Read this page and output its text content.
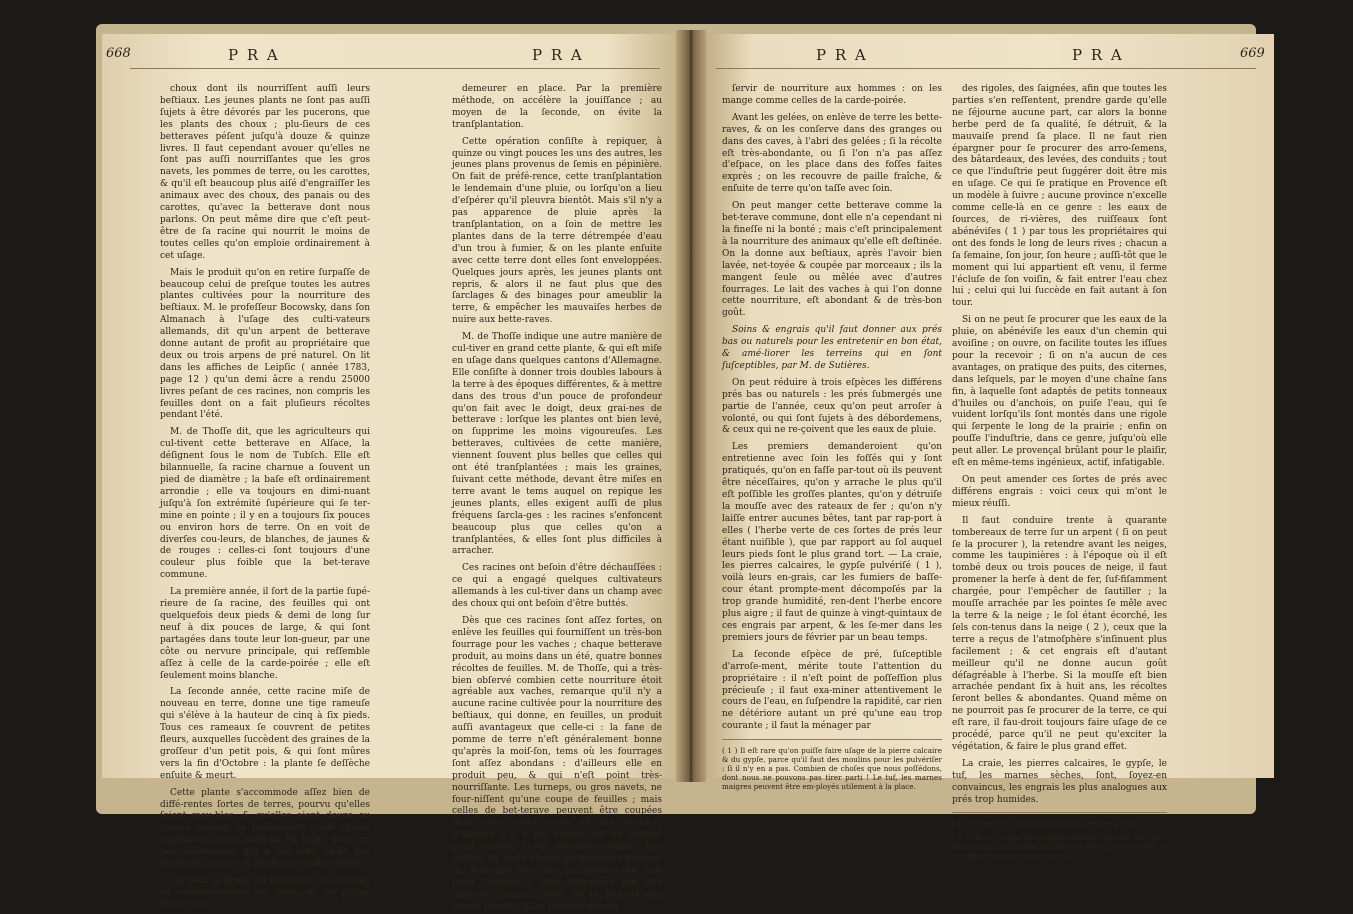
668	P R A	P R A

choux dont ils nourriſſent auſſi leurs beſtiaux. Les jeunes plants ne ſont pas auſſi ſujets à être dévorés par les pucerons, que les plants des choux ; plu-ſieurs de ces betteraves péſent juſqu'à douze & quinze livres. Il faut cependant avouer qu'elles ne ſont pas auſſi nourriſſantes que les gros navets, les pommes de terre, ou les carottes, & qu'il eſt beaucoup plus aiſé d'engraiſſer les animaux avec des choux, des panais ou des carottes, qu'avec la betterave dont nous parlons. On peut même dire que c'eſt peut-être de ſa racine qui nourrit le moins de toutes celles qu'on emploie ordinairement à cet uſage.

Mais le produit qu'on en retire ſurpaſſe de beaucoup celui de preſque toutes les autres plantes cultivées pour la nourriture des beſtiaux. M. le profeſſeur Bocowsky, dans ſon Almanach à l'uſage des culti-vateurs allemands, dit qu'un arpent de betterave donne autant de profit au propriétaire que deux ou trois arpens de pré naturel. On lit dans les affiches de Leipſic ( année 1783, page 12 ) qu'un demi âcre a rendu 25000 livres peſant de ces racines, non compris les feuilles dont on a fait pluſieurs récoltes pendant l'été.

M. de Thoſſe dit, que les agriculteurs qui cul-tivent cette betterave en Alſace, la déſignent ſous le nom de Tubſch. Elle eſt bilannuelle, ſa racine charnue a ſouvent un pied de diamètre ; la baſe eſt ordinairement arrondie ; elle va toujours en dimi-nuant juſqu'à ſon extrémité ſupérieure qui ſe ter-mine en pointe ; il y en a toujours ſix pouces ou environ hors de terre. On en voit de diverſes cou-leurs, de blanches, de jaunes & de rouges : celles-ci ſont toujours d'une couleur plus foible que la bet-terave commune.

La première année, il ſort de la partie ſupé-rieure de ſa racine, des feuilles qui ont quelquefois deux pieds & demi de long ſur neuf à dix pouces de large, & qui ſont partagées dans toute leur lon-gueur, par une côte ou nervure principale, qui reſſemble aſſez à celle de la carde-poirée ; elle eſt ſeulement moins blanche.

La ſeconde année, cette racine miſe de nouveau en terre, donne une tige rameuſe qui s'élève à la hauteur de cinq à ſix pieds. Tous ces rameaux ſe couvrent de petites fleurs, auxquelles ſuccèdent des graines de la groſſeur d'un petit pois, & qui ſont mûres vers la fin d'Octobre : la plante ſe deſſèche enſuite & meurt.

Cette plante s'accommode aſſez bien de diffé-rentes ſortes de terres, pourvu qu'elles ſoient meu-bles, & qu'elles aient douze ou quinze pouces de profondeur ; elle réuſſit cependant mieux dans un ſol léger, gras, un peu ſablonneux, qui a été bien diviſé par pluſieurs labours, & fumé convenable-ment.

On peut la ſemer en pépinière ſur couche, au commencement de mars, ou en pleine terre, pour

demeurer en place. Par la première méthode, on accélère la jouiſſance ; au moyen de la ſeconde, on évite la tranſplantation.

Cette opération conſiſte à repiquer, à quinze ou vingt pouces les uns des autres, les jeunes plans provenus de ſemis en pépinière. On fait de préfé-rence, cette tranſplantation le lendemain d'une pluie, ou lorſqu'on a lieu d'eſpérer qu'il pleuvra bientôt. Mais s'il n'y a pas apparence de pluie après la tranſplantation, on a ſoin de mettre les plantes dans de la terre détrempée d'eau d'un trou à fumier, & on les plante enſuite avec cette terre dont elles ſont enveloppées. Quelques jours après, les jeunes plants ont repris, & alors il ne faut plus que des ſarclages & des binages pour ameublir la terre, & empêcher les mauvaiſes herbes de nuire aux bette-raves.

M. de Thoſſe indique une autre manière de cul-tiver en grand cette plante, & qui eſt miſe en uſage dans quelques cantons d'Allemagne. Elle conſiſte à donner trois doubles labours à la terre à des époques différentes, & à mettre dans des trous d'un pouce de profondeur qu'on fait avec le doigt, deux grai-nes de betterave : lorſque les plantes ont bien levé, on ſupprime les moins vigoureuſes. Les betteraves, cultivées de cette manière, viennent ſouvent plus belles que celles qui ont été tranſplantées ; mais les graines, ſuivant cette méthode, devant être miſes en terre avant le tems auquel on repique les jeunes plants, elles exigent auſſi de plus fréquens ſarcla-ges : les racines s'enfoncent beaucoup plus que celles qu'on a tranſplantées, & elles ſont plus difficiles à arracher.

Ces racines ont beſoin d'être déchauſſées : ce qui a engagé quelques cultivateurs allemands à les cul-tiver dans un champ avec des choux qui ont beſoin d'être buttés.

Dès que ces racines ſont aſſez fortes, on enlève les feuilles qui fourniſſent un très-bon fourrage pour les vaches ; chaque betterave produit, au moins dans un été, quatre bonnes récoltes de feuilles. M. de Thoſſe, qui a très-bien obſervé combien cette nourriture étoit agréable aux vaches, remarque qu'il n'y a aucune racine cultivée pour la nourriture des beſtiaux, qui donne, en feuilles, un produit auſſi avantageux que celle-ci : la fane de pomme de terre n'eſt généralement bonne qu'après la moiſ-ſon, tems où les fourrages ſont aſſez abondans : d'ailleurs elle en produit peu, & qui n'eſt point très-nourriſſante. Les turneps, ou gros navets, ne four-niſſent qu'une coupe de feuilles ; mais celles de bet-terave peuvent être coupées deux mois avant qu'on ait des choux : d'ailleurs il y a des vaches qui ne veulent point toucher à ces dernières plantes. Les feuilles de cette eſpèce de betterave forment un fourrage très-ſain, puiſqu'elles ne ſont point ſujettes à être attaquées par des inſectes, comme celles de la plupart des autres plantes. Elles peuvent encore

P R A	P R A	669

ſervir de nourriture aux hommes : on les mange comme celles de la carde-poirée.

Avant les gelées, on enlève de terre les bette-raves, & on les conſerve dans des granges ou dans des caves, à l'abri des gelées ; ſi la récolte eſt très-abondante, ou ſi l'on n'a pas aſſez d'eſpace, on les place dans des foſſes faites exprès ; on les recouvre de paille fraîche, & enſuite de terre qu'on taſſe avec ſoin.

On peut manger cette betterave comme la bet-terave commune, dont elle n'a cependant ni la fineſſe ni la bonté ; mais c'eſt principalement à la nourriture des animaux qu'elle eſt deſtinée. On la donne aux beſtiaux, après l'avoir bien lavée, net-toyée & coupée par morceaux ; ils la mangent ſeule ou mêlée avec d'autres fourrages. Le lait des vaches à qui l'on donne cette nourriture, eſt abondant & de très-bon goût.

Soins & engrais qu'il faut donner aux prés bas ou naturels pour les entretenir en bon état, & amé-liorer les terreins qui en ſont ſuſceptibles, par M. de Sutières.

On peut réduire à trois eſpèces les différens prés bas ou naturels : les prés ſubmergés une partie de l'année, ceux qu'on peut arroſer à volonté, ou qui ſont ſujets à des débordemens, & ceux qui ne re-çoivent que les eaux de pluie.

Les premiers demanderoient qu'on entretienne avec ſoin les foſſés qui y ſont pratiqués, qu'on en faſſe par-tout où ils peuvent être néceſſaires, qu'on y arrache le plus qu'il eſt poſſible les groſſes plantes, qu'on y détruiſe la mouſſe avec des rateaux de fer ; qu'on n'y laiſſe entrer aucunes bêtes, tant par rap-port à elles ( l'herbe verte de ces ſortes de prés leur étant nuiſible ), que par rapport au ſol auquel leurs pieds ſont le plus grand tort. — La craie, les pierres calcaires, le gypſe pulvériſé ( 1 ), voilà leurs en-grais, car les fumiers de baſſe-cour étant prompte-ment décompoſés par la trop grande humidité, ren-dent l'herbe encore plus aigre ; il faut de quinze à vingt-quintaux de ces engrais par arpent, & les ſe-mer dans les premiers jours de février par un beau temps.

La ſeconde eſpèce de pré, ſuſceptible d'arroſe-ment, mérite toute l'attention du propriétaire : il n'eſt point de poſſeſſion plus précieuſe ; il faut exa-miner attentivement le cours de l'eau, en ſuſpendre la rapidité, car rien ne détériore autant un pré qu'une eau trop courante ; il faut la ménager par

( 1 ) Il eſt rare qu'on puiſſe faire uſage de la pierre calcaire & du gypſe, parce qu'il faut des moulins pour les pulvériſer : ſi il n'y en a pas. Combien de choſes que nous poſſédons, dont nous ne pouvons pas tirer parti ! Le tuf, les marnes maigres peuvent être em-ployés utilement à la place.

des rigoles, des ſaignées, afin que toutes les parties s'en reſſentent, prendre garde qu'elle ne ſéjourne aucune part, car alors la bonne herbe perd de ſa qualité, ſe détruit, & la mauvaiſe prend ſa place. Il ne faut rien épargner pour ſe procurer des arro-ſemens, des bâtardeaux, des levées, des conduits ; tout ce que l'induſtrie peut ſuggérer doit être mis en uſage. Ce qui ſe pratique en Provence eſt un modèle à ſuivre ; aucune province n'excelle comme celle-là en ce genre : les eaux de ſources, de ri-vières, des ruiſſeaux ſont abénéviſes ( 1 ) par tous les propriétaires qui ont des fonds le long de leurs rives ; chacun a ſa ſemaine, ſon jour, ſon heure ; auſſi-tôt que le moment qui lui appartient eſt venu, il ferme l'écluſe de ſon voiſin, & fait entrer l'eau chez lui ; celui qui lui ſuccède en fait autant à ſon tour.

Si on ne peut ſe procurer que les eaux de la pluie, on abénéviſe les eaux d'un chemin qui avoiſine ; on ouvre, on facilite toutes les iſſues pour la recevoir ; ſi on n'a aucun de ces avantages, on pratique des puits, des citernes, dans leſquels, par le moyen d'une chaîne ſans fin, à laquelle ſont adaptés de petits tonneaux d'huiles ou d'anchois, on puiſe l'eau, qui ſe vuident lorſqu'ils ſont montés dans une rigole qui ſerpente le long de la prairie ; enfin on pouſſe l'induſtrie, dans ce genre, juſqu'où elle peut aller. Le provençal brûlant pour le plaiſir, eſt en même-tems ingénieux, actif, infatigable.

On peut amender ces ſortes de prés avec différens engrais : voici ceux qui m'ont le mieux réuſſi.

Il faut conduire trente à quarante tombereaux de terre ſur un arpent ( ſi on peut ſe la procurer ), la retendre avant les neiges, comme les taupinières : à l'époque où il eſt tombé deux ou trois pouces de neige, il faut promener la herſe à dent de fer, ſuf-fiſamment chargée, pour l'empêcher de ſautiller ; la mouſſe arrachée par les pointes ſe mêle avec la terre & la neige ; le ſol étant écorché, les ſels con-tenus dans la neige ( 2 ), ceux que la terre a reçus de l'atmoſphère s'inſinuent plus facilement ; & cet engrais eſt d'autant meilleur qu'il ne donne aucun goût déſagréable à l'herbe. Si la mouſſe eſt bien arrachée pendant ſix à huit ans, les récoltes ſeront belles & abondantes. Quand même on ne pourroit pas ſe procurer de la terre, ce qui eſt rare, il fau-droit toujours faire uſage de ce procédé, parce qu'il ne peut qu'exciter la végétation, & faire le plus grand effet.

La craie, les pierres calcaires, le gypſe, le tuf, les marnes sèches, ſont, ſoyez-en convaincus, les engrais les plus analogues aux prés trop humides.

( 1 ) Terme de Coutume qui ſignifie prendre à cens.

( 2 ) On dit vulgairement que la neige contient des ſels ; n'eſt-ce pas plutôt ceux qui ſont con-tenus dans la terre, & s'évaporer lorſqu'elle la couvre ?
